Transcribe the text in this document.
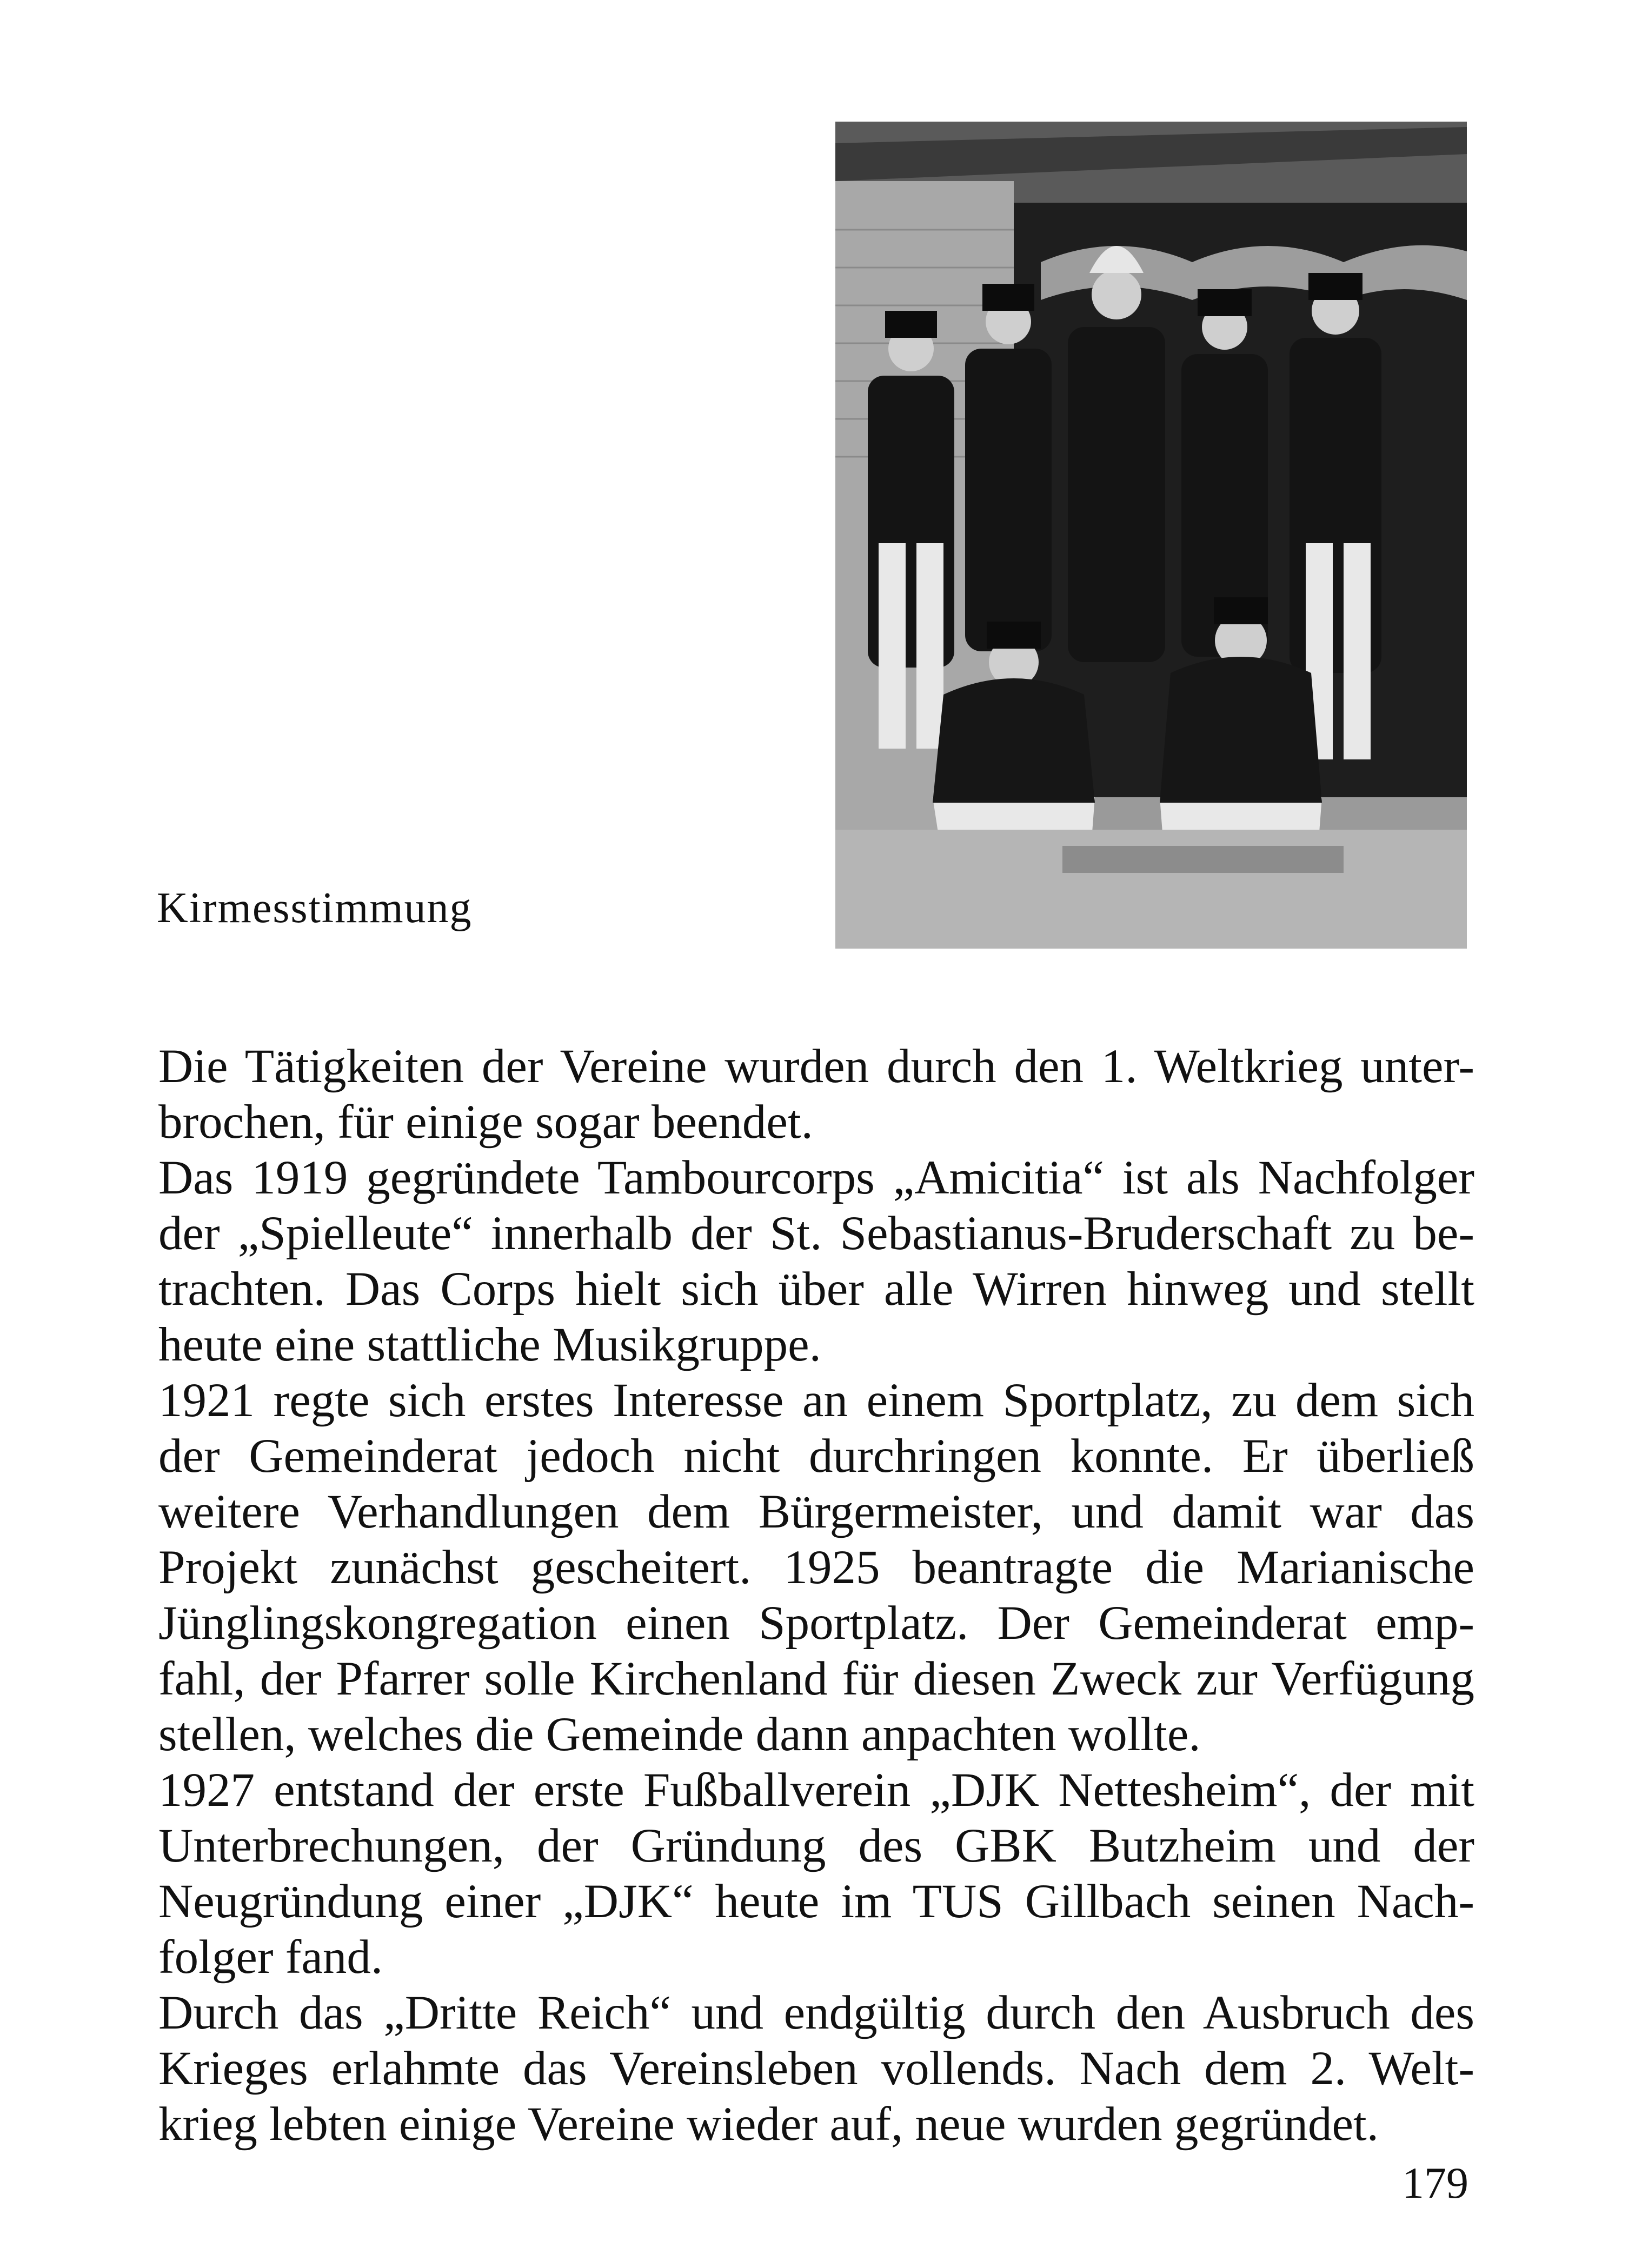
Kirmesstimmung
Die Tätigkeiten der Vereine wurden durch den 1. Weltkrieg unter-
brochen, für einige sogar beendet.
Das 1919 gegründete Tambourcorps „Amicitia“ ist als Nachfolger
der „Spielleute“ innerhalb der St. Sebastianus-Bruderschaft zu be-
trachten. Das Corps hielt sich über alle Wirren hinweg und stellt
heute eine stattliche Musikgruppe.
1921 regte sich erstes Interesse an einem Sportplatz, zu dem sich
der Gemeinderat jedoch nicht durchringen konnte. Er überließ
weitere Verhandlungen dem Bürgermeister, und damit war das
Projekt zunächst gescheitert. 1925 beantragte die Marianische
Jünglingskongregation einen Sportplatz. Der Gemeinderat emp-
fahl, der Pfarrer solle Kirchenland für diesen Zweck zur Verfügung
stellen, welches die Gemeinde dann anpachten wollte.
1927 entstand der erste Fußballverein „DJK Nettesheim“, der mit
Unterbrechungen, der Gründung des GBK Butzheim und der
Neugründung einer „DJK“ heute im TUS Gillbach seinen Nach-
folger fand.
Durch das „Dritte Reich“ und endgültig durch den Ausbruch des
Krieges erlahmte das Vereinsleben vollends. Nach dem 2. Welt-
krieg lebten einige Vereine wieder auf, neue wurden gegründet.
179
